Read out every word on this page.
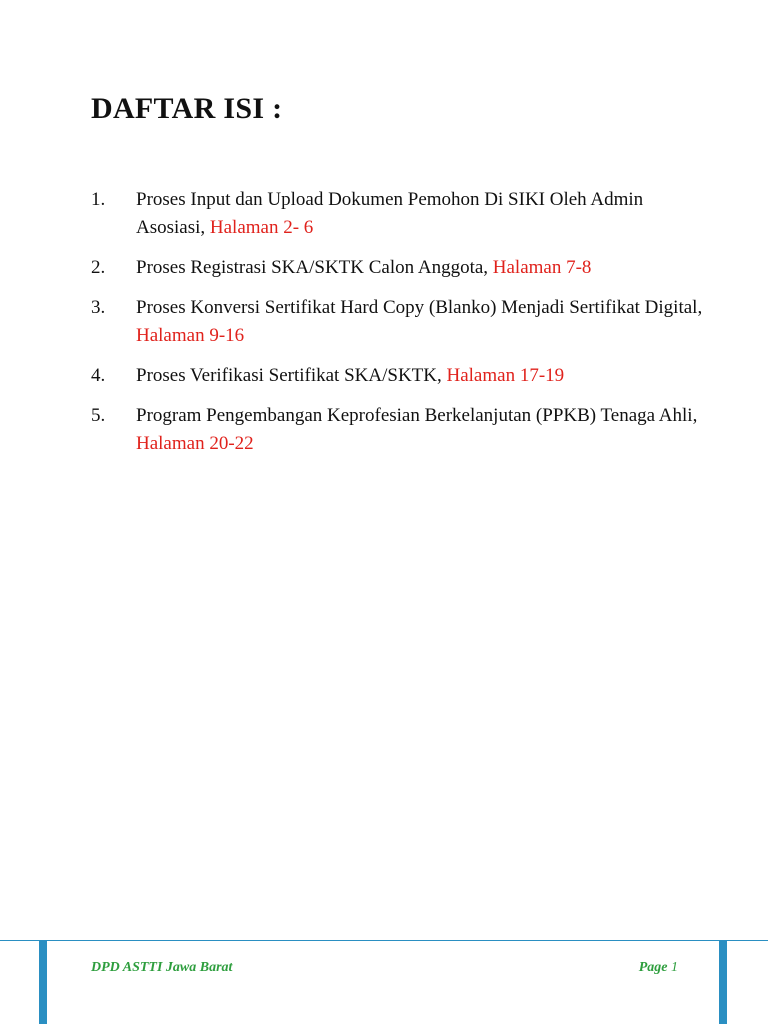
DAFTAR ISI :
1.	Proses Input dan Upload Dokumen Pemohon Di SIKI Oleh Admin Asosiasi, Halaman 2- 6
2.	Proses Registrasi SKA/SKTK Calon Anggota, Halaman 7-8
3.	Proses Konversi Sertifikat Hard Copy (Blanko) Menjadi Sertifikat Digital, Halaman 9-16
4.	Proses Verifikasi Sertifikat SKA/SKTK, Halaman 17-19
5.	Program Pengembangan Keprofesian Berkelanjutan (PPKB) Tenaga Ahli, Halaman 20-22
DPD ASTTI Jawa Barat	Page 1
